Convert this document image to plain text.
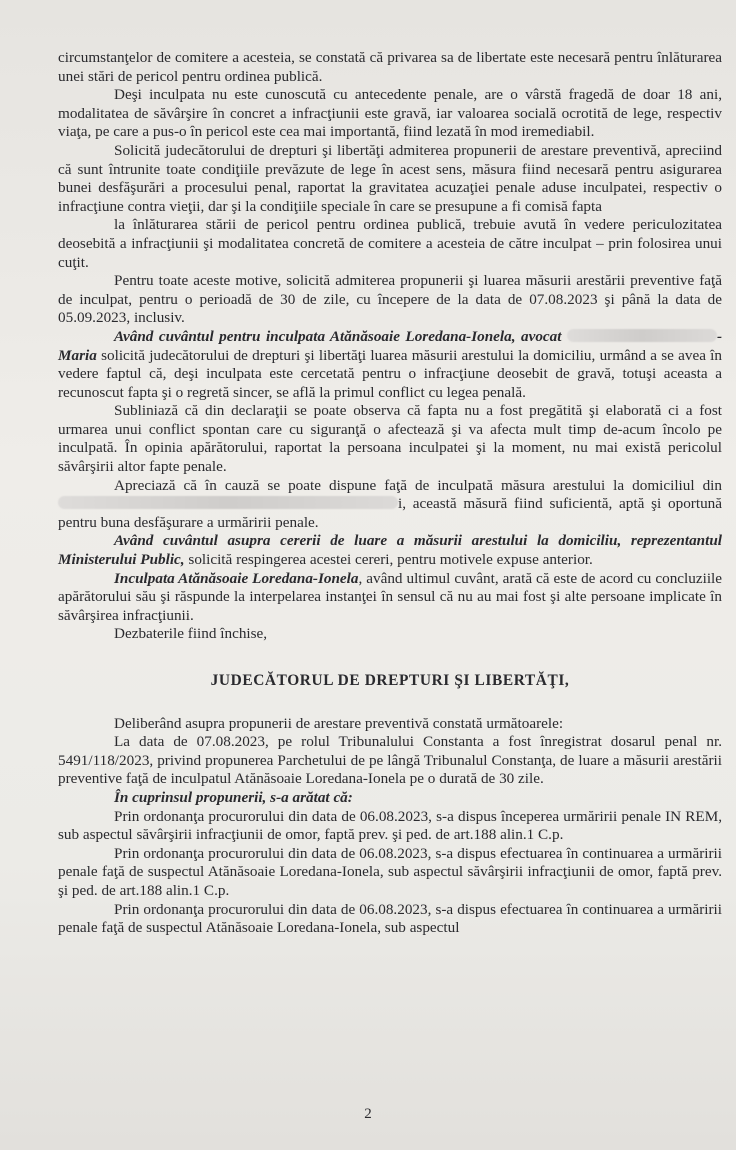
circumstanţelor de comitere a acesteia, se constată că privarea sa de libertate este necesară pentru înlăturarea unei stări de pericol pentru ordinea publică.

Deşi inculpata nu este cunoscută cu antecedente penale, are o vârstă fragedă de doar 18 ani, modalitatea de săvârşire în concret a infracţiunii este gravă, iar valoarea socială ocrotită de lege, respectiv viaţa, pe care a pus-o în pericol este cea mai importantă, fiind lezată în mod iremediabil.

Solicită judecătorului de drepturi şi libertăţi admiterea propunerii de arestare preventivă, apreciind că sunt întrunite toate condiţiile prevăzute de lege în acest sens, măsura fiind necesară pentru asigurarea bunei desfăşurări a procesului penal, raportat la gravitatea acuzaţiei penale aduse inculpatei, respectiv o infracţiune contra vieţii, dar şi la condiţiile speciale în care se presupune a fi comisă fapta

la înlăturarea stării de pericol pentru ordinea publică, trebuie avută în vedere periculozitatea deosebită a infracţiunii şi modalitatea concretă de comitere a acesteia de către inculpat – prin folosirea unui cuţit.

Pentru toate aceste motive, solicită admiterea propunerii şi luarea măsurii arestării preventive faţă de inculpat, pentru o perioadă de 30 de zile, cu începere de la data de 07.08.2023 şi până la data de 05.09.2023, inclusiv.

Având cuvântul pentru inculpata Atănăsoaie Loredana-Ionela, avocat	- Maria solicită judecătorului de drepturi şi libertăţi luarea măsurii arestului la domiciliu, urmând a se avea în vedere faptul că, deşi inculpata este cercetată pentru o infracţiune deosebit de gravă, totuşi aceasta a recunoscut fapta şi o regretă sincer, se află la primul conflict cu legea penală.

Subliniază că din declaraţii se poate observa că fapta nu a fost pregătită şi elaborată ci a fost urmarea unui conflict spontan care cu siguranţă o afectează şi va afecta mult timp de-acum încolo pe inculpată. În opinia apărătorului, raportat la persoana inculpatei şi la moment, nu mai există pericolul săvârşirii altor fapte penale.

Apreciază că în cauză se poate dispune faţă de inculpată măsura arestului la domiciliul din i, această măsură fiind suficientă, aptă şi oportună pentru buna desfăşurare a urmăririi penale.

Având cuvântul asupra cererii de luare a măsurii arestului la domiciliu, reprezentantul Ministerului Public, solicită respingerea acestei cereri, pentru motivele expuse anterior.

Inculpata Atănăsoaie Loredana-Ionela, având ultimul cuvânt, arată că este de acord cu concluziile apărătorului său şi răspunde la interpelarea instanţei în sensul că nu au mai fost şi alte persoane implicate în săvârşirea infracţiunii.

Dezbaterile fiind închise,

JUDECĂTORUL DE DREPTURI ŞI LIBERTĂŢI,

Deliberând asupra propunerii de arestare preventivă constată următoarele:

La data de 07.08.2023, pe rolul Tribunalului Constanta a fost înregistrat dosarul penal nr. 5491/118/2023, privind propunerea Parchetului de pe lângă Tribunalul Constanţa, de luare a măsurii arestării preventive faţă de inculpatul Atănăsoaie Loredana-Ionela pe o durată de 30 zile.

În cuprinsul propunerii, s-a arătat că:

Prin ordonanţa procurorului din data de 06.08.2023, s-a dispus începerea urmăririi penale IN REM, sub aspectul săvârşirii infracţiunii de omor, faptă prev. şi ped. de art.188 alin.1 C.p.

Prin ordonanţa procurorului din data de 06.08.2023, s-a dispus efectuarea în continuarea a urmăririi penale faţă de suspectul Atănăsoaie Loredana-Ionela, sub aspectul săvârşirii infracţiunii de omor, faptă prev. şi ped. de art.188 alin.1 C.p.

Prin ordonanţa procurorului din data de 06.08.2023, s-a dispus efectuarea în continuarea a urmăririi penale faţă de suspectul Atănăsoaie Loredana-Ionela, sub aspectul

2
